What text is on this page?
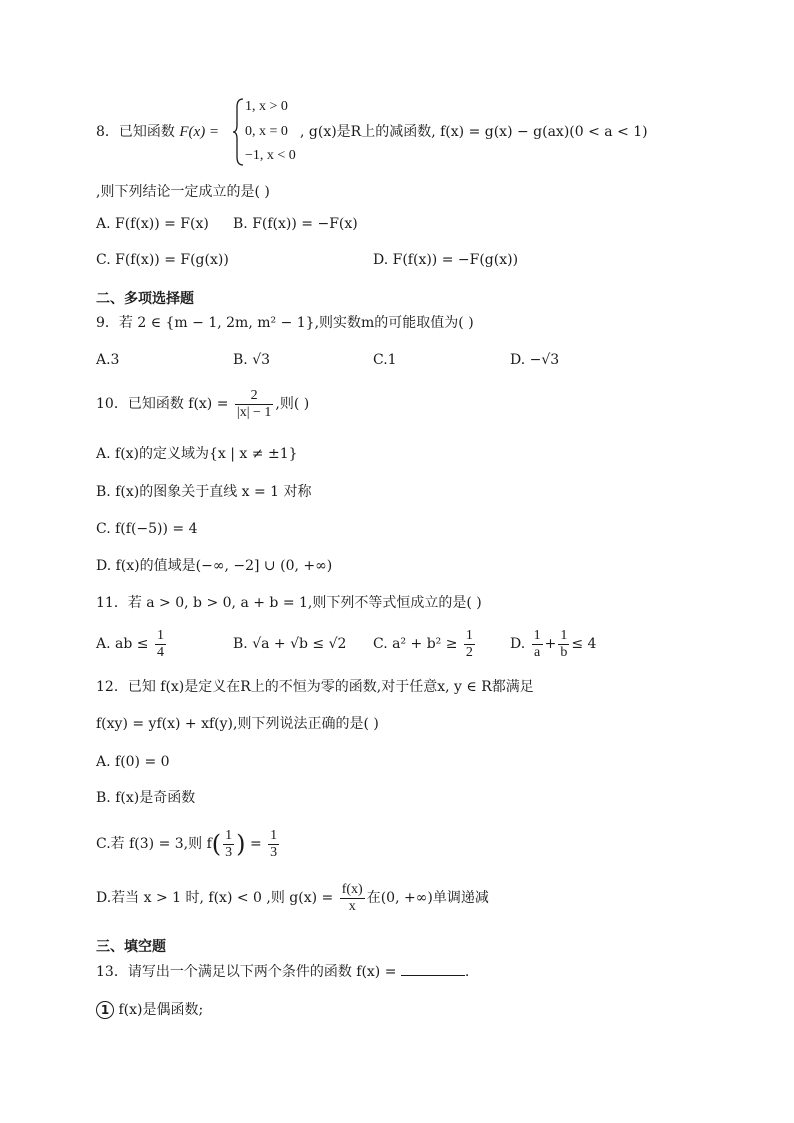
8．已知函数 F(x) =
1, x > 0
0, x = 0
−1, x < 0
, g(x)是R上的减函数, f(x) = g(x) − g(ax)(0 < a < 1)
,则下列结论一定成立的是( )
A. F(f(x)) = F(x) B. F(f(x)) = −F(x)
C. F(f(x)) = F(g(x))	D. F(f(x)) = −F(g(x))
二、多项选择题
9．若 2 ∈ {m − 1, 2m, m² − 1},则实数m的可能取值为( )
A.3	B. √3	C.1	D. −√3
10．已知函数 $f(x) = \frac{2}{|x| - 1}$ ,则( )
A. f(x)的定义域为{x | x ≠ ±1}
B. f(x)的图象关于直线 x = 1 对称
C. f(f(−5)) = 4
D. f(x)的值域是(−∞, −2] ∪ (0, +∞)
11．若 a > 0, b > 0, a + b = 1,则下列不等式恒成立的是( )
A. ab ≤ $\frac{1}{4}$	B. √a + √b ≤ √2 C. $a^2 + b^2 \ge \frac{1}{2}$	D. $\frac{1}{a} + \frac{1}{b} \le 4$
12．已知 f(x)是定义在R上的不恒为零的函数,对于任意x, y ∈ R都满足
f(xy) = yf(x) + xf(y),则下列说法正确的是( )
A. f(0) = 0
B. f(x)是奇函数
C.若 f(3) = 3,则 $f( \frac{1}{3}$ ) = $\frac{1}{3}$
D.若当 x > 1 时, f(x) < 0 ,则 $g(x) = \frac{f(x)}{x}$ 在(0, +∞)单调递减
三、填空题
13．请写出一个满足以下两个条件的函数 f(x) =	.
1 f(x)是偶函数;
